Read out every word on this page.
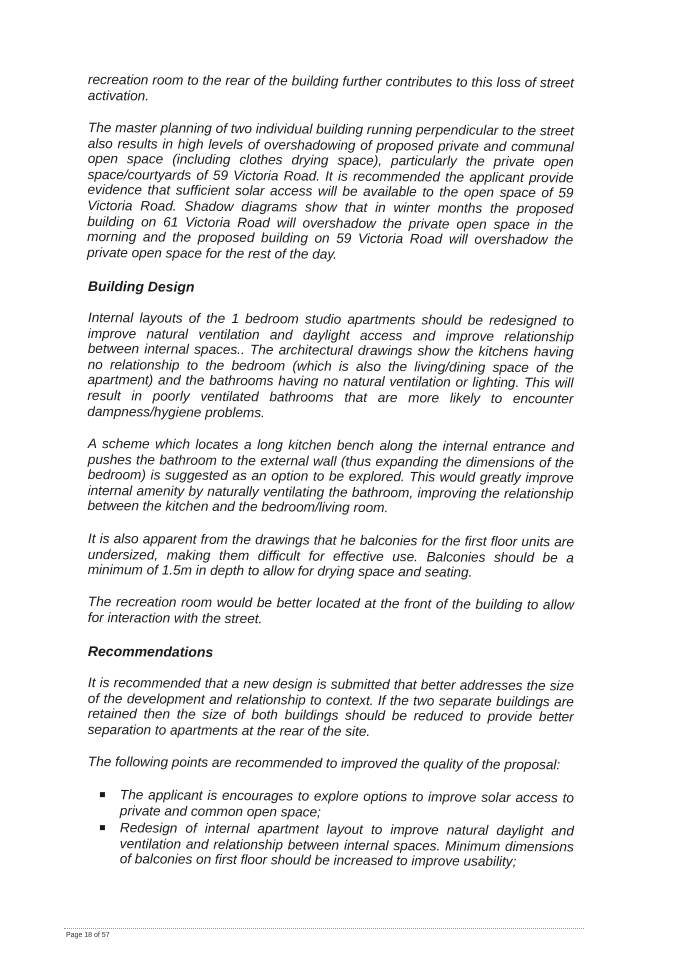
recreation room to the rear of the building further contributes to this loss of street activation.

The master planning of two individual building running perpendicular to the street also results in high levels of overshadowing of proposed private and communal open space (including clothes drying space), particularly the private open space/courtyards of 59 Victoria Road. It is recommended the applicant provide evidence that sufficient solar access will be available to the open space of 59 Victoria Road. Shadow diagrams show that in winter months the proposed building on 61 Victoria Road will overshadow the private open space in the morning and the proposed building on 59 Victoria Road will overshadow the private open space for the rest of the day.

Building Design

Internal layouts of the 1 bedroom studio apartments should be redesigned to improve natural ventilation and daylight access and improve relationship between internal spaces.. The architectural drawings show the kitchens having no relationship to the bedroom (which is also the living/dining space of the apartment) and the bathrooms having no natural ventilation or lighting. This will result in poorly ventilated bathrooms that are more likely to encounter dampness/hygiene problems.

A scheme which locates a long kitchen bench along the internal entrance and pushes the bathroom to the external wall (thus expanding the dimensions of the bedroom) is suggested as an option to be explored. This would greatly improve internal amenity by naturally ventilating the bathroom, improving the relationship between the kitchen and the bedroom/living room.

It is also apparent from the drawings that he balconies for the first floor units are undersized, making them difficult for effective use. Balconies should be a minimum of 1.5m in depth to allow for drying space and seating.

The recreation room would be better located at the front of the building to allow for interaction with the street.

Recommendations

It is recommended that a new design is submitted that better addresses the size of the development and relationship to context. If the two separate buildings are retained then the size of both buildings should be reduced to provide better separation to apartments at the rear of the site.

The following points are recommended to improved the quality of the proposal:

The applicant is encourages to explore options to improve solar access to private and common open space;
Redesign of internal apartment layout to improve natural daylight and ventilation and relationship between internal spaces. Minimum dimensions of balconies on first floor should be increased to improve usability;
Page 18 of 57
